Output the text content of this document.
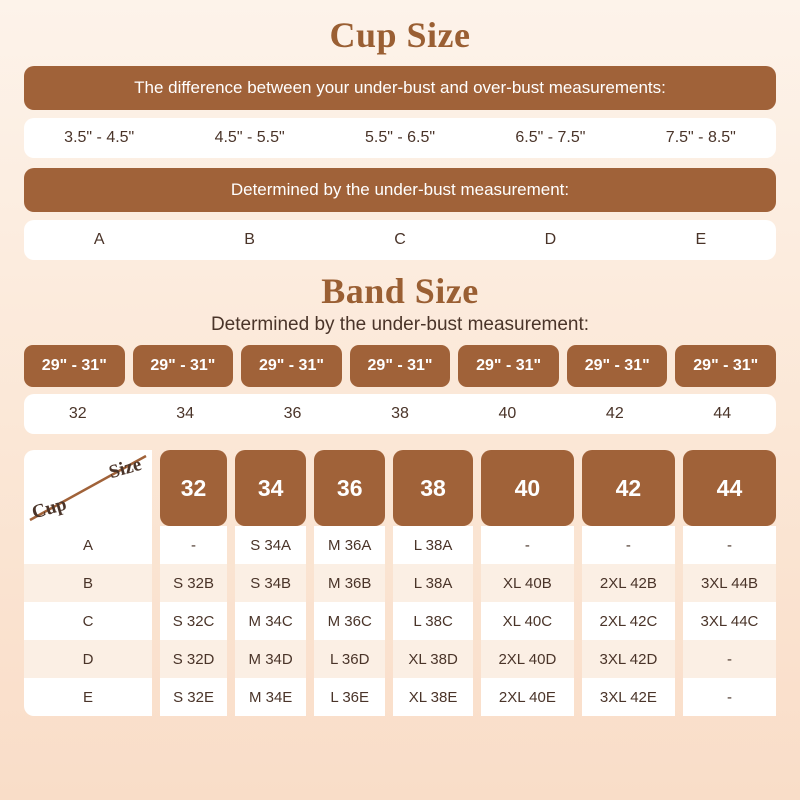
Cup Size
The difference between your under-bust and over-bust measurements:
3.5" - 4.5"	4.5" - 5.5"	5.5" - 6.5"	6.5" - 7.5"	7.5" - 8.5"
Determined by the under-bust measurement:
A	B	C	D	E
Band Size
Determined by the under-bust measurement:
29" - 31"	29" - 31"	29" - 31"	29" - 31"	29" - 31"	29" - 31"	29" - 31"
32	34	36	38	40	42	44
Size
Cup		32		34		36		38		40		42		44
A		-		S 34A		M 36A		L 38A		-		-		-
B		S 32B		S 34B		M 36B		L 38A		XL 40B		2XL 42B		3XL 44B
C		S 32C		M 34C		M 36C		L 38C		XL 40C		2XL 42C		3XL 44C
D		S 32D		M 34D		L 36D		XL 38D		2XL 40D		3XL 42D		-
E		S 32E		M 34E		L 36E		XL 38E		2XL 40E		3XL 42E		-
